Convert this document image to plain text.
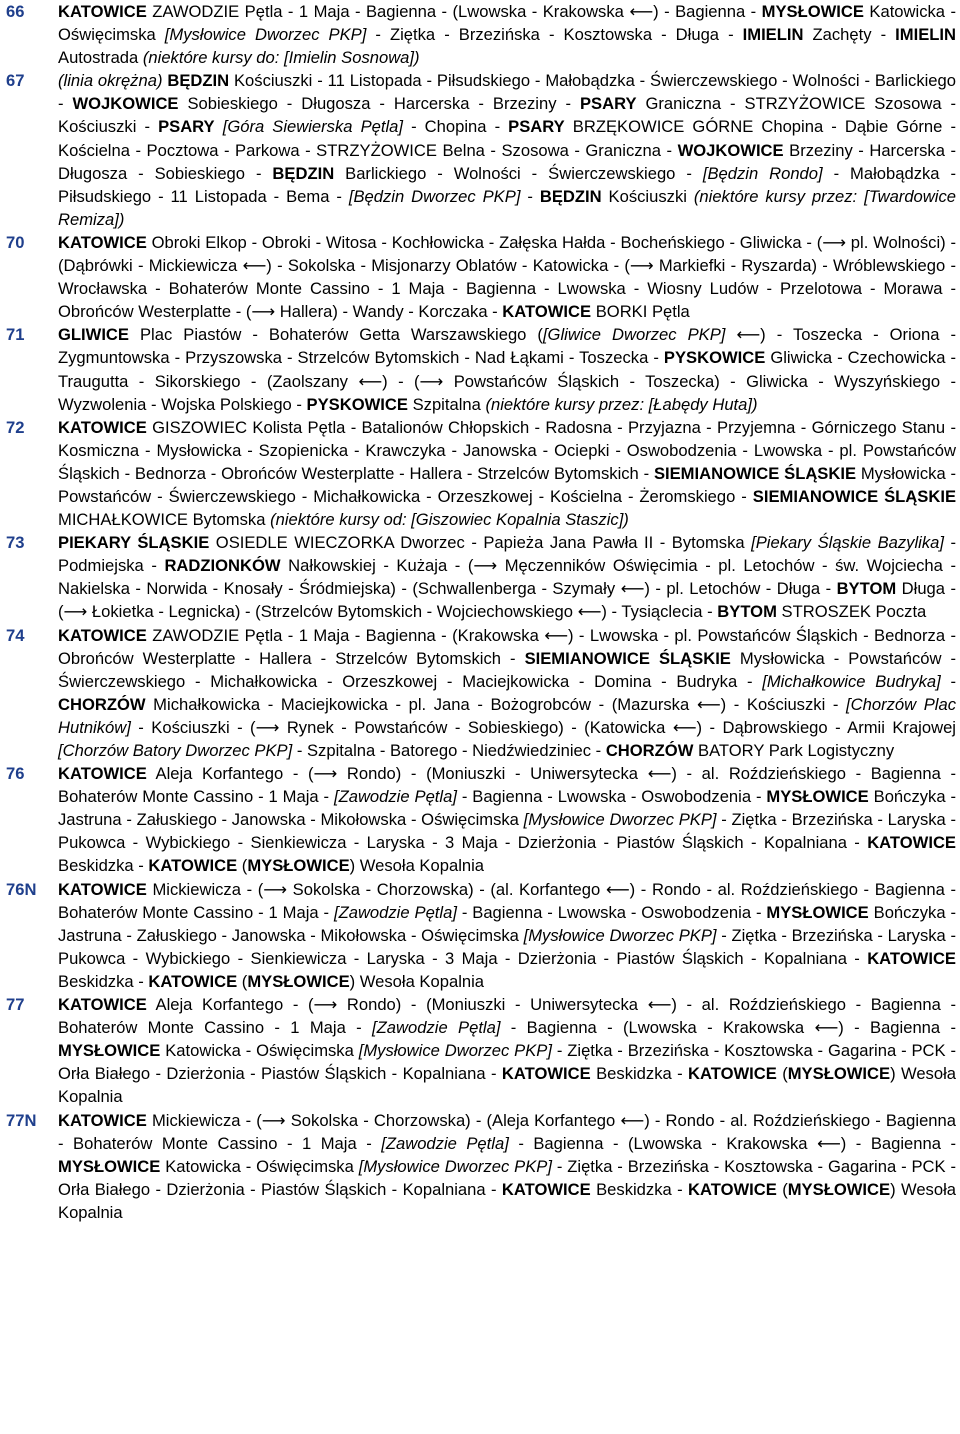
66	KATOWICE ZAWODZIE Pętla - 1 Maja - Bagienna - (Lwowska - Krakowska ⟵) - Bagienna - MYSŁOWICE Katowicka - Oświęcimska [Mysłowice Dworzec PKP] - Ziętka - Brzezińska - Kosztowska - Długa - IMIELIN Zachęty - IMIELIN Autostrada (niektóre kursy do: [Imielin Sosnowa])
67	(linia okrężna) BĘDZIN Kościuszki - 11 Listopada - Piłsudskiego - Małobądzka - Świerczewskiego - Wolności - Barlickiego - WOJKOWICE Sobieskiego - Długosza - Harcerska - Brzeziny - PSARY Graniczna - STRZYŻOWICE Szosowa - Kościuszki - PSARY [Góra Siewierska Pętla] - Chopina - PSARY BRZĘKOWICE GÓRNE Chopina - Dąbie Górne - Kościelna - Pocztowa - Parkowa - STRZYŻOWICE Belna - Szosowa - Graniczna - WOJKOWICE Brzeziny - Harcerska - Długosza - Sobieskiego - BĘDZIN Barlickiego - Wolności - Świerczewskiego - [Będzin Rondo] - Małobądzka - Piłsudskiego - 11 Listopada - Bema - [Będzin Dworzec PKP] - BĘDZIN Kościuszki (niektóre kursy przez: [Twardowice Remiza])
70	KATOWICE Obroki Elkop - Obroki - Witosa - Kochłowicka - Załęska Hałda - Bocheńskiego - Gliwicka - (⟶ pl. Wolności) - (Dąbrówki - Mickiewicza ⟵) - Sokolska - Misjonarzy Oblatów - Katowicka - (⟶ Markiefki - Ryszarda) - Wróblewskiego - Wrocławska - Bohaterów Monte Cassino - 1 Maja - Bagienna - Lwowska - Wiosny Ludów - Przelotowa - Morawa - Obrońców Westerplatte - (⟶ Hallera) - Wandy - Korczaka - KATOWICE BORKI Pętla
71	GLIWICE Plac Piastów - Bohaterów Getta Warszawskiego ([Gliwice Dworzec PKP] ⟵) - Toszecka - Oriona - Zygmuntowska - Przyszowska - Strzelców Bytomskich - Nad Łąkami - Toszecka - PYSKOWICE Gliwicka - Czechowicka - Traugutta - Sikorskiego - (Zaolszany ⟵) - (⟶ Powstańców Śląskich - Toszecka) - Gliwicka - Wyszyńskiego - Wyzwolenia - Wojska Polskiego - PYSKOWICE Szpitalna (niektóre kursy przez: [Łabędy Huta])
72	KATOWICE GISZOWIEC Kolista Pętla - Batalionów Chłopskich - Radosna - Przyjazna - Przyjemna - Górniczego Stanu - Kosmiczna - Mysłowicka - Szopienicka - Krawczyka - Janowska - Ociepki - Oswobodzenia - Lwowska - pl. Powstańców Śląskich - Bednorza - Obrońców Westerplatte - Hallera - Strzelców Bytomskich - SIEMIANOWICE ŚLĄSKIE Mysłowicka - Powstańców - Świerczewskiego - Michałkowicka - Orzeszkowej - Kościelna - Żeromskiego - SIEMIANOWICE ŚLĄSKIE MICHAŁKOWICE Bytomska (niektóre kursy od: [Giszowiec Kopalnia Staszic])
73	PIEKARY ŚLĄSKIE OSIEDLE WIECZORKA Dworzec - Papieża Jana Pawła II - Bytomska [Piekary Śląskie Bazylika] - Podmiejska - RADZIONKÓW Nałkowskiej - Kużaja - (⟶ Męczenników Oświęcimia - pl. Letochów - św. Wojciecha - Nakielska - Norwida - Knosały - Śródmiejska) - (Schwallenberga - Szymały ⟵) - pl. Letochów - Długa - BYTOM Długa - (⟶ Łokietka - Legnicka) - (Strzelców Bytomskich - Wojciechowskiego ⟵) - Tysiąclecia - BYTOM STROSZEK Poczta
74	KATOWICE ZAWODZIE Pętla - 1 Maja - Bagienna - (Krakowska ⟵) - Lwowska - pl. Powstańców Śląskich - Bednorza - Obrońców Westerplatte - Hallera - Strzelców Bytomskich - SIEMIANOWICE ŚLĄSKIE Mysłowicka - Powstańców - Świerczewskiego - Michałkowicka - Orzeszkowej - Maciejkowicka - Domina - Budryka - [Michałkowice Budryka] - CHORZÓW Michałkowicka - Maciejkowicka - pl. Jana - Bożogrobców - (Mazurska ⟵) - Kościuszki - [Chorzów Plac Hutników] - Kościuszki - (⟶ Rynek - Powstańców - Sobieskiego) - (Katowicka ⟵) - Dąbrowskiego - Armii Krajowej [Chorzów Batory Dworzec PKP] - Szpitalna - Batorego - Niedźwiedziniec - CHORZÓW BATORY Park Logistyczny
76	KATOWICE Aleja Korfantego - (⟶ Rondo) - (Moniuszki - Uniwersytecka ⟵) - al. Roździeńskiego - Bagienna - Bohaterów Monte Cassino - 1 Maja - [Zawodzie Pętla] - Bagienna - Lwowska - Oswobodzenia - MYSŁOWICE Bończyka - Jastruna - Załuskiego - Janowska - Mikołowska - Oświęcimska [Mysłowice Dworzec PKP] - Ziętka - Brzezińska - Laryska - Pukowca - Wybickiego - Sienkiewicza - Laryska - 3 Maja - Dzierżonia - Piastów Śląskich - Kopalniana - KATOWICE Beskidzka - KATOWICE (MYSŁOWICE) Wesoła Kopalnia
76N	KATOWICE Mickiewicza - (⟶ Sokolska - Chorzowska) - (al. Korfantego ⟵) - Rondo - al. Roździeńskiego - Bagienna - Bohaterów Monte Cassino - 1 Maja - [Zawodzie Pętla] - Bagienna - Lwowska - Oswobodzenia - MYSŁOWICE Bończyka - Jastruna - Załuskiego - Janowska - Mikołowska - Oświęcimska [Mysłowice Dworzec PKP] - Ziętka - Brzezińska - Laryska - Pukowca - Wybickiego - Sienkiewicza - Laryska - 3 Maja - Dzierżonia - Piastów Śląskich - Kopalniana - KATOWICE Beskidzka - KATOWICE (MYSŁOWICE) Wesoła Kopalnia
77	KATOWICE Aleja Korfantego - (⟶ Rondo) - (Moniuszki - Uniwersytecka ⟵) - al. Roździeńskiego - Bagienna - Bohaterów Monte Cassino - 1 Maja - [Zawodzie Pętla] - Bagienna - (Lwowska - Krakowska ⟵) - Bagienna - MYSŁOWICE Katowicka - Oświęcimska [Mysłowice Dworzec PKP] - Ziętka - Brzezińska - Kosztowska - Gagarina - PCK - Orła Białego - Dzierżonia - Piastów Śląskich - Kopalniana - KATOWICE Beskidzka - KATOWICE (MYSŁOWICE) Wesoła Kopalnia
77N	KATOWICE Mickiewicza - (⟶ Sokolska - Chorzowska) - (Aleja Korfantego ⟵) - Rondo - al. Roździeńskiego - Bagienna - Bohaterów Monte Cassino - 1 Maja - [Zawodzie Pętla] - Bagienna - (Lwowska - Krakowska ⟵) - Bagienna - MYSŁOWICE Katowicka - Oświęcimska [Mysłowice Dworzec PKP] - Ziętka - Brzezińska - Kosztowska - Gagarina - PCK - Orła Białego - Dzierżonia - Piastów Śląskich - Kopalniana - KATOWICE Beskidzka - KATOWICE (MYSŁOWICE) Wesoła Kopalnia
